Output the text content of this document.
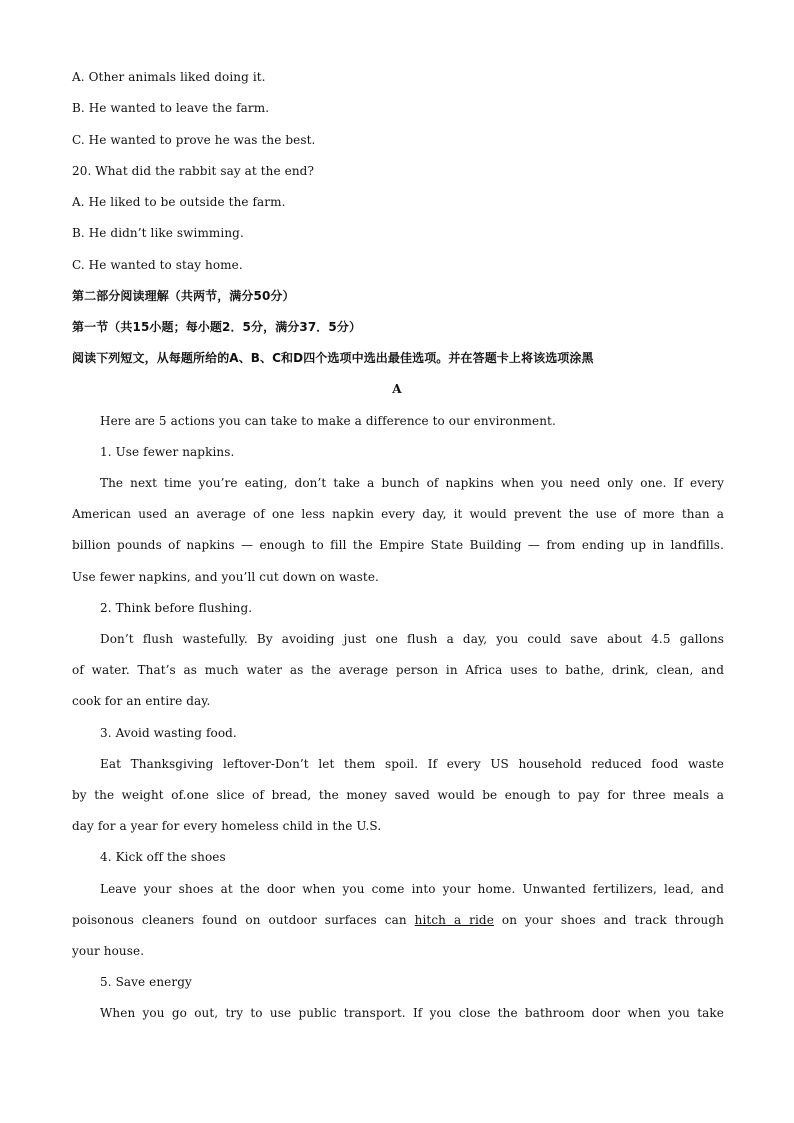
A. Other animals liked doing it.
B. He wanted to leave the farm.
C. He wanted to prove he was the best.
20. What did the rabbit say at the end?
A. He liked to be outside the farm.
B. He didn’t like swimming.
C. He wanted to stay home.
第二部分阅读理解（共两节，满分50分）
第一节（共15小题；每小题2．5分，满分37．5分）
阅读下列短文，从每题所给的A、B、C和D四个选项中选出最佳选项。并在答题卡上将该选项涂黑
A
Here are 5 actions you can take to make a difference to our environment.
1. Use fewer napkins.
The next time you’re eating, don’t take a bunch of napkins when you need only one. If every
American used an average of one less napkin every day, it would prevent the use of more than a
billion pounds of napkins — enough to fill the Empire State Building — from ending up in landfills.
Use fewer napkins, and you’ll cut down on waste.
2. Think before flushing.
Don’t flush wastefully. By avoiding just one flush a day, you could save about 4.5 gallons
of water. That’s as much water as the average person in Africa uses to bathe, drink, clean, and
cook for an entire day.
3. Avoid wasting food.
Eat Thanksgiving leftover-Don’t let them spoil. If every US household reduced food waste
by the weight of.one slice of bread, the money saved would be enough to pay for three meals a
day for a year for every homeless child in the U.S.
4. Kick off the shoes
Leave your shoes at the door when you come into your home. Unwanted fertilizers, lead, and
poisonous cleaners found on outdoor surfaces can hitch a ride on your shoes and track through
your house.
5. Save energy
When you go out, try to use public transport. If you close the bathroom door when you take
